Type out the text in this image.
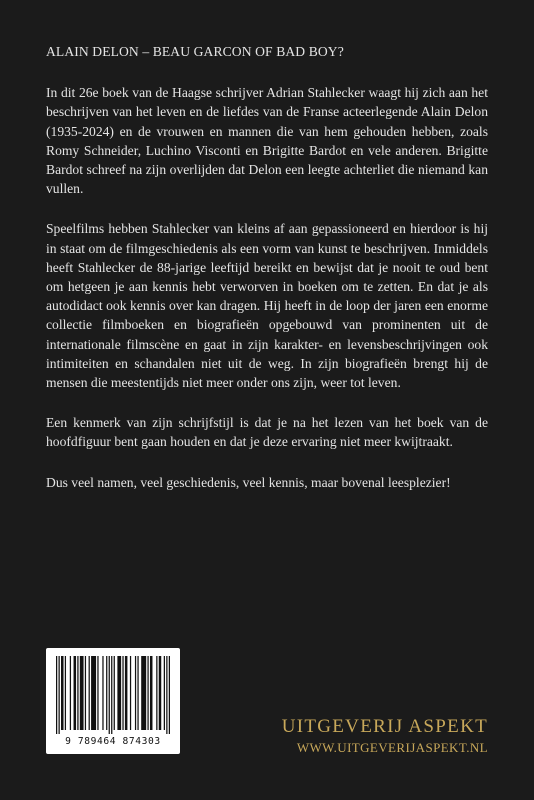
ALAIN DELON – BEAU GARCON OF BAD BOY?

In dit 26e boek van de Haagse schrijver Adrian Stahlecker waagt hij zich aan het beschrijven van het leven en de liefdes van de Franse acteerlegende Alain Delon (1935-2024) en de vrouwen en mannen die van hem gehouden hebben, zoals Romy Schneider, Luchino Visconti en Brigitte Bardot en vele anderen. Brigitte Bardot schreef na zijn overlijden dat Delon een leegte achterliet die niemand kan vullen.

Speelfilms hebben Stahlecker van kleins af aan gepassioneerd en hierdoor is hij in staat om de filmgeschiedenis als een vorm van kunst te beschrijven. Inmiddels heeft Stahlecker de 88-jarige leeftijd bereikt en bewijst dat je nooit te oud bent om hetgeen je aan kennis hebt verworven in boeken om te zetten. En dat je als autodidact ook kennis over kan dragen. Hij heeft in de loop der jaren een enorme collectie filmboeken en biografieën opgebouwd van prominenten uit de internationale filmscène en gaat in zijn karakter- en levensbeschrijvingen ook intimiteiten en schandalen niet uit de weg. In zijn biografieën brengt hij de mensen die meestentijds niet meer onder ons zijn, weer tot leven.

Een kenmerk van zijn schrijfstijl is dat je na het lezen van het boek van de hoofdfiguur bent gaan houden en dat je deze ervaring niet meer kwijtraakt.

Dus veel namen, veel geschiedenis, veel kennis, maar bovenal leesplezier!

9 789464 874303
UITGEVERIJ ASPEKT
WWW.UITGEVERIJASPEKT.NL
